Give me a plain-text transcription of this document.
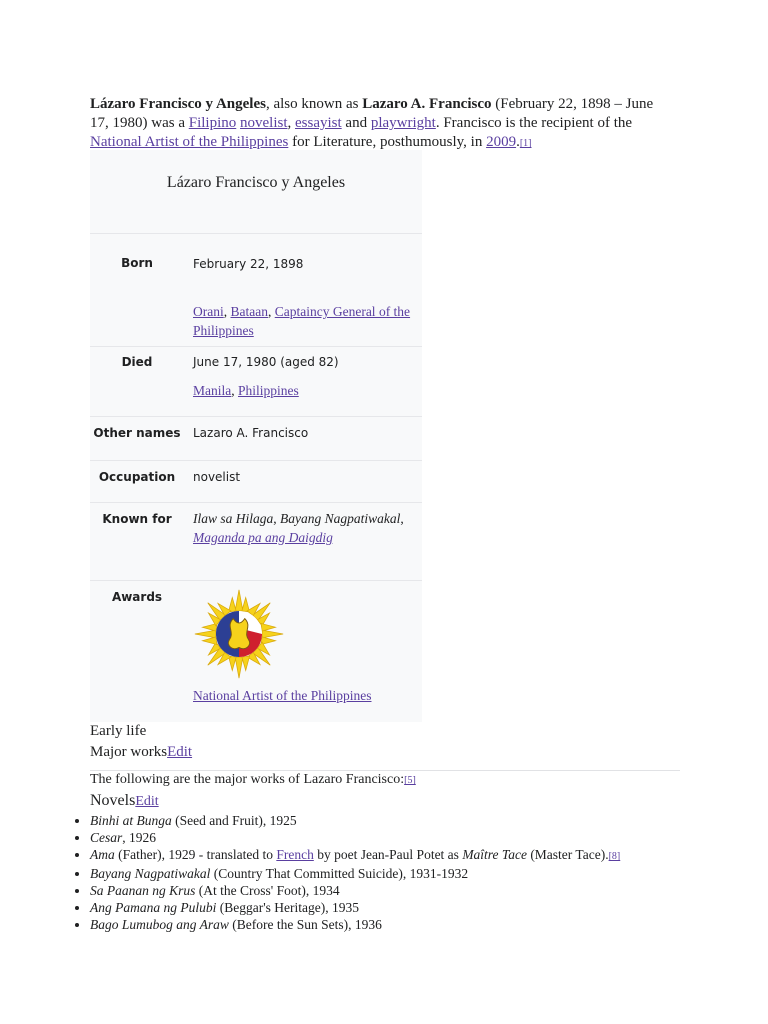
Lázaro Francisco y Angeles, also known as Lazaro A. Francisco (February 22, 1898 – June 17, 1980) was a Filipino novelist, essayist and playwright. Francisco is the recipient of the National Artist of the Philippines for Literature, posthumously, in 2009.[1]

Lázaro Francisco y Angeles
Born	February 22, 1898
Orani, Bataan, Captaincy General of the Philippines
Died	June 17, 1980 (aged 82)
Manila, Philippines
Other names Lazaro A. Francisco
Occupation	novelist
Known for	Ilaw sa Hilaga, Bayang Nagpatiwakal, Maganda pa ang Daigdig
Awards
National Artist of the Philippines
Early life
Major worksEdit
The following are the major works of Lazaro Francisco:[5]
NovelsEdit
• Binhi at Bunga (Seed and Fruit), 1925
• Cesar, 1926
• Ama (Father), 1929 - translated to French by poet Jean-Paul Potet as Maître Tace (Master Tace).[8]
• Bayang Nagpatiwakal (Country That Committed Suicide), 1931-1932
• Sa Paanan ng Krus (At the Cross' Foot), 1934
• Ang Pamana ng Pulubi (Beggar's Heritage), 1935
• Bago Lumubog ang Araw (Before the Sun Sets), 1936
